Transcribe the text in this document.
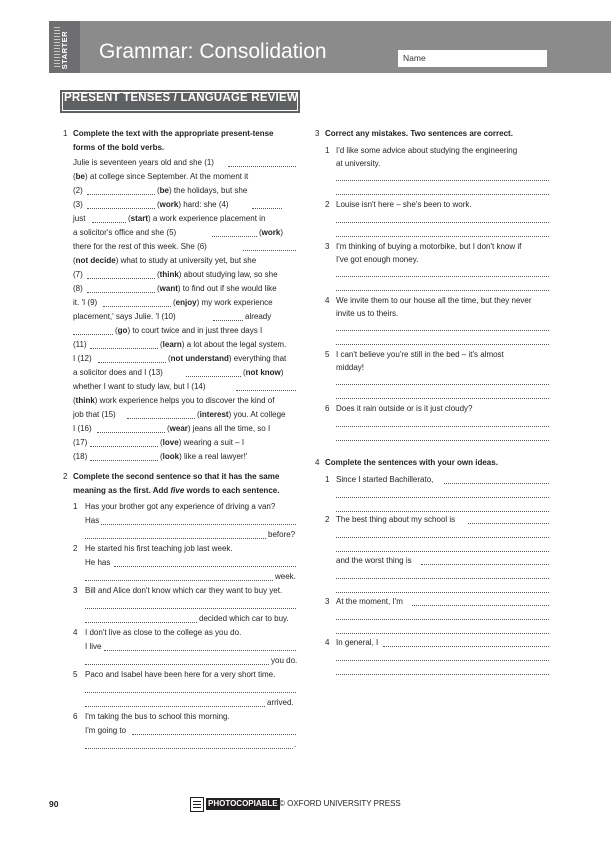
STARTER Grammar: Consolidation	Name
PRESENT TENSES / LANGUAGE REVIEW
1 Complete the text with the appropriate present-tense
forms of the bold verbs.
Julie is seventeen years old and she (1)
(be) at college since September. At the moment it
(2)	(be) the holidays, but she
(3)	(work) hard: she (4)
just	(start) a work experience placement in
a solicitor's office and she (5)	(work)
there for the rest of this week. She (6)
(not decide) what to study at university yet, but she
(7)	(think) about studying law, so she
(8)	(want) to find out if she would like
it. 'I (9)	(enjoy) my work experience
placement,' says Julie. 'I (10)	already
(go) to court twice and in just three days I
(11)	(learn) a lot about the legal system.
I (12)	(not understand) everything that
a solicitor does and I (13)	(not know)
whether I want to study law, but I (14)
(think) work experience helps you to discover the kind of
job that (15)	(interest) you. At college
I (16)	(wear) jeans all the time, so I
(17)	(love) wearing a suit – I
(18)	(look) like a real lawyer!'
2 Complete the second sentence so that it has the same
meaning as the first. Add five words to each sentence.
1 Has your brother got any experience of driving a van?
Has
before?
2 He started his first teaching job last week.
He has
week.
3 Bill and Alice don't know which car they want to buy yet.
decided which car to buy.
4 I don't live as close to the college as you do.
I live
you do.
5 Paco and Isabel have been here for a very short time.
arrived.
6 I'm taking the bus to school this morning.
I'm going to
.
3 Correct any mistakes. Two sentences are correct.
1 I'd like some advice about studying the engineering
at university.
2 Louise isn't here – she's been to work.
3 I'm thinking of buying a motorbike, but I don't know if
I've got enough money.
4 We invite them to our house all the time, but they never
invite us to theirs.
5 I can't believe you're still in the bed – it's almost
midday!
6 Does it rain outside or is it just cloudy?
4 Complete the sentences with your own ideas.
1 Since I started Bachillerato,
2 The best thing about my school is
and the worst thing is
3 At the moment, I'm
4 In general, I
90	PHOTOCOPIABLE © OXFORD UNIVERSITY PRESS
